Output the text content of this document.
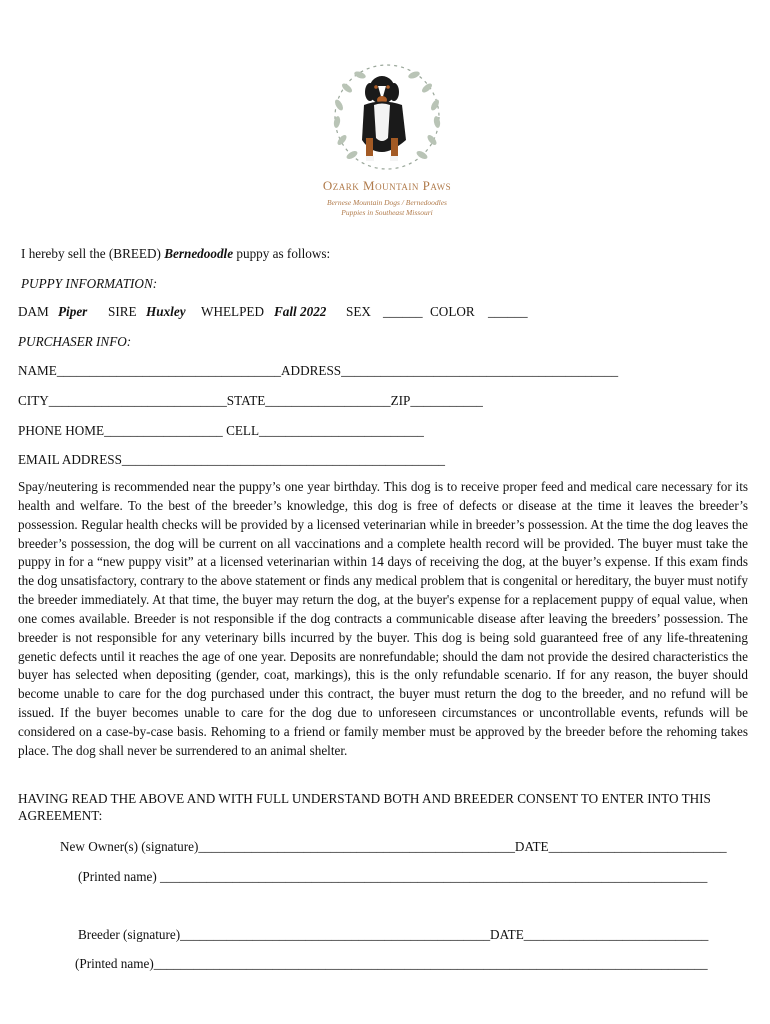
Ozark Mountain Paws
Bernese Mountain Dogs / Bernedoodles
Puppies in Southeast Missouri
I hereby sell the (BREED) Bernedoodle puppy as follows:
PUPPY INFORMATION:
DAM Piper SIRE Huxley WHELPED Fall 2022 SEX ______ COLOR ______
PURCHASER INFO:
NAME__________________________________ADDRESS__________________________________________
CITY___________________________STATE___________________ZIP___________
PHONE HOME__________________ CELL_________________________
EMAIL ADDRESS_________________________________________________
Spay/neutering is recommended near the puppy’s one year birthday. This dog is to receive proper feed and medical care necessary for its health and welfare. To the best of the breeder’s knowledge, this dog is free of defects or disease at the time it leaves the breeder’s possession. Regular health checks will be provided by a licensed veterinarian while in breeder’s possession. At the time the dog leaves the breeder’s possession, the dog will be current on all vaccinations and a complete health record will be provided. The buyer must take the puppy in for a “new puppy visit” at a licensed veterinarian within 14 days of receiving the dog, at the buyer’s expense. If this exam finds the dog unsatisfactory, contrary to the above statement or finds any medical problem that is congenital or hereditary, the buyer must notify the breeder immediately. At that time, the buyer may return the dog, at the buyer's expense for a replacement puppy of equal value, when one comes available. Breeder is not responsible if the dog contracts a communicable disease after leaving the breeders’ possession. The breeder is not responsible for any veterinary bills incurred by the buyer. This dog is being sold guaranteed free of any life-threatening genetic defects until it reaches the age of one year. Deposits are nonrefundable; should the dam not provide the desired characteristics the buyer has selected when depositing (gender, coat, markings), this is the only refundable scenario. If for any reason, the buyer should become unable to care for the dog purchased under this contract, the buyer must return the dog to the breeder, and no refund will be issued. If the buyer becomes unable to care for the dog due to unforeseen circumstances or uncontrollable events, refunds will be considered on a case-by-case basis. Rehoming to a friend or family member must be approved by the breeder before the rehoming takes place. The dog shall never be surrendered to an animal shelter.
HAVING READ THE ABOVE AND WITH FULL UNDERSTAND BOTH AND BREEDER CONSENT TO ENTER INTO THIS AGREEMENT:
New Owner(s) (signature)________________________________________________DATE___________________________
(Printed name) ___________________________________________________________________________________
Breeder (signature)_______________________________________________DATE____________________________
(Printed name)____________________________________________________________________________________
